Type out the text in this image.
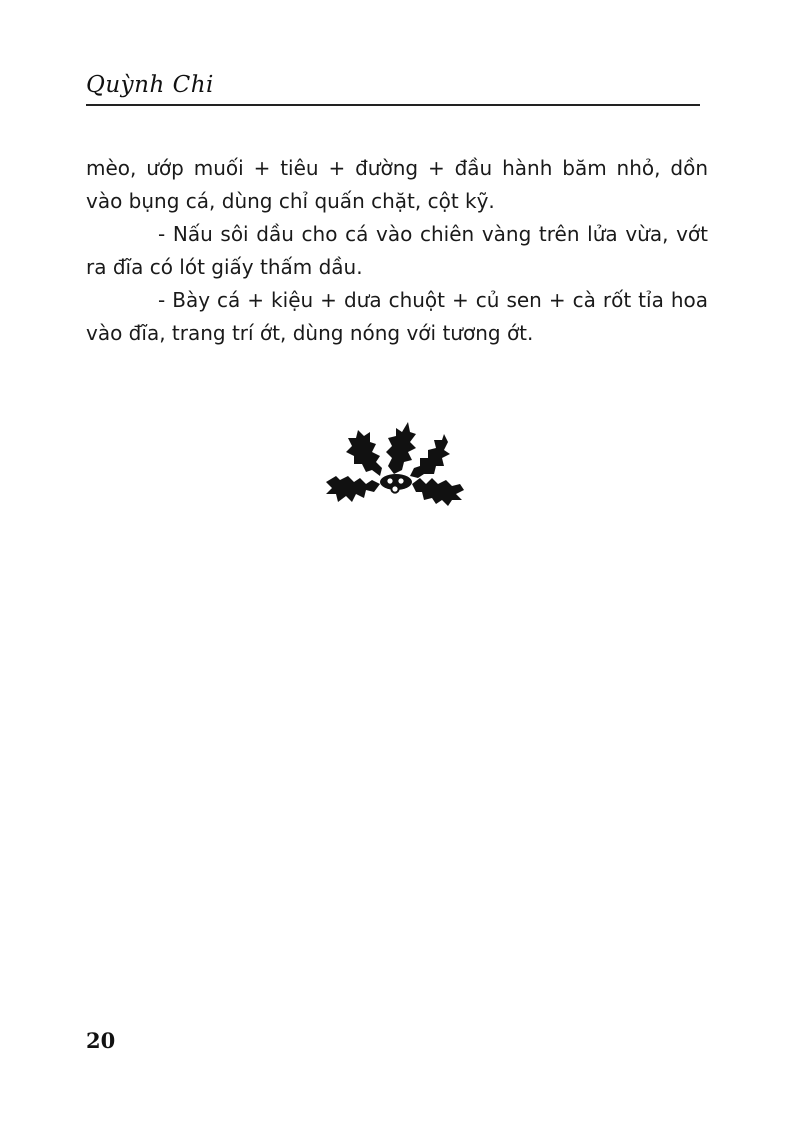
Quỳnh Chi

mèo, ướp muối + tiêu + đường + đầu hành băm nhỏ, dồn vào bụng cá, dùng chỉ quấn chặt, cột kỹ.

- Nấu sôi dầu cho cá vào chiên vàng trên lửa vừa, vớt ra đĩa có lót giấy thấm dầu.

- Bày cá + kiệu + dưa chuột + củ sen + cà rốt tỉa hoa vào đĩa, trang trí ớt, dùng nóng với tương ớt.

20
